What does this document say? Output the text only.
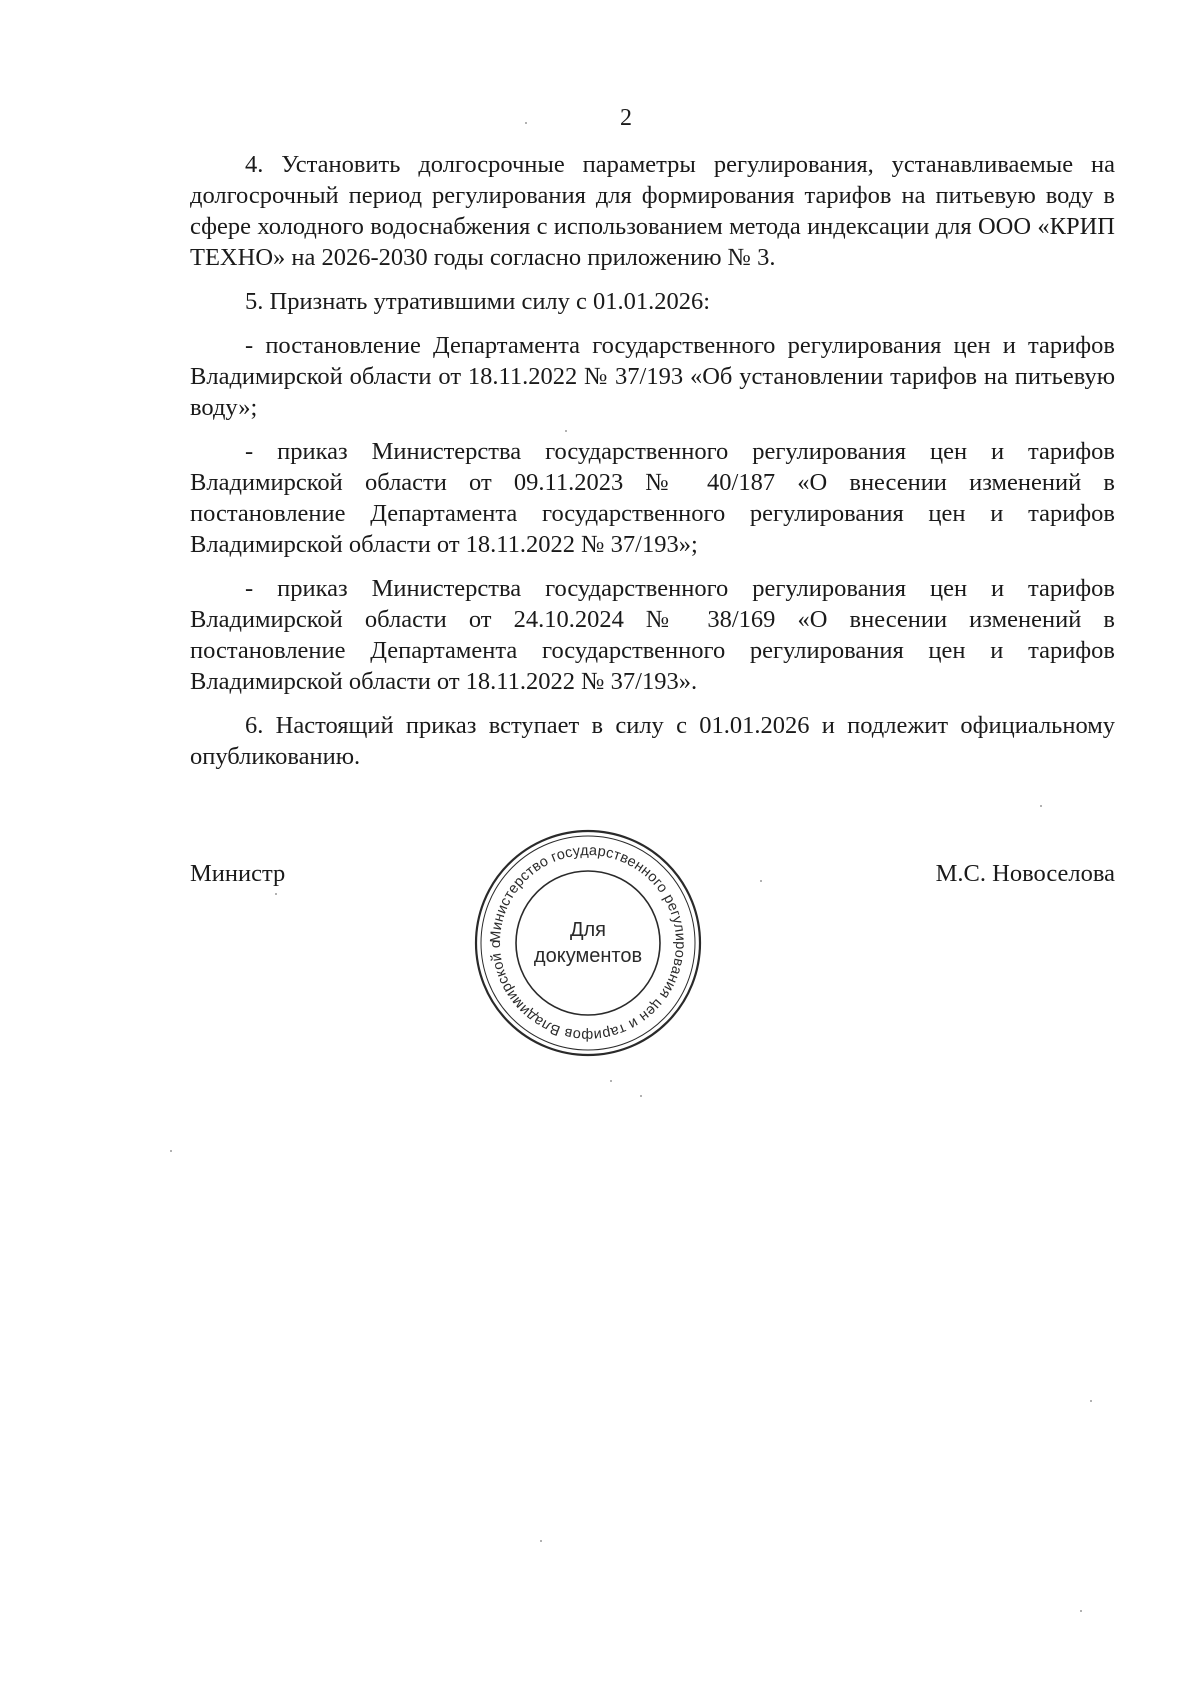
2

4. Установить долгосрочные параметры регулирования, устанавливаемые на долгосрочный период регулирования для формирования тарифов на питьевую воду в сфере холодного водоснабжения с использованием метода индексации для ООО «КРИП ТЕХНО» на 2026-2030 годы согласно приложению № 3.

5. Признать утратившими силу с 01.01.2026:

- постановление Департамента государственного регулирования цен и тарифов Владимирской области от 18.11.2022 № 37/193 «Об установлении тарифов на питьевую воду»;

- приказ Министерства государственного регулирования цен и тарифов Владимирской области от 09.11.2023 № 40/187 «О внесении изменений в постановление Департамента государственного регулирования цен и тарифов Владимирской области от 18.11.2022 № 37/193»;

- приказ Министерства государственного регулирования цен и тарифов Владимирской области от 24.10.2024 № 38/169 «О внесении изменений в постановление Департамента государственного регулирования цен и тарифов Владимирской области от 18.11.2022 № 37/193».

6. Настоящий приказ вступает в силу с 01.01.2026 и подлежит официальному опубликованию.

Министр	М.С. Новоселова
Министерство государственного регулирования цен и тарифов Владимирской о
Для
документов
